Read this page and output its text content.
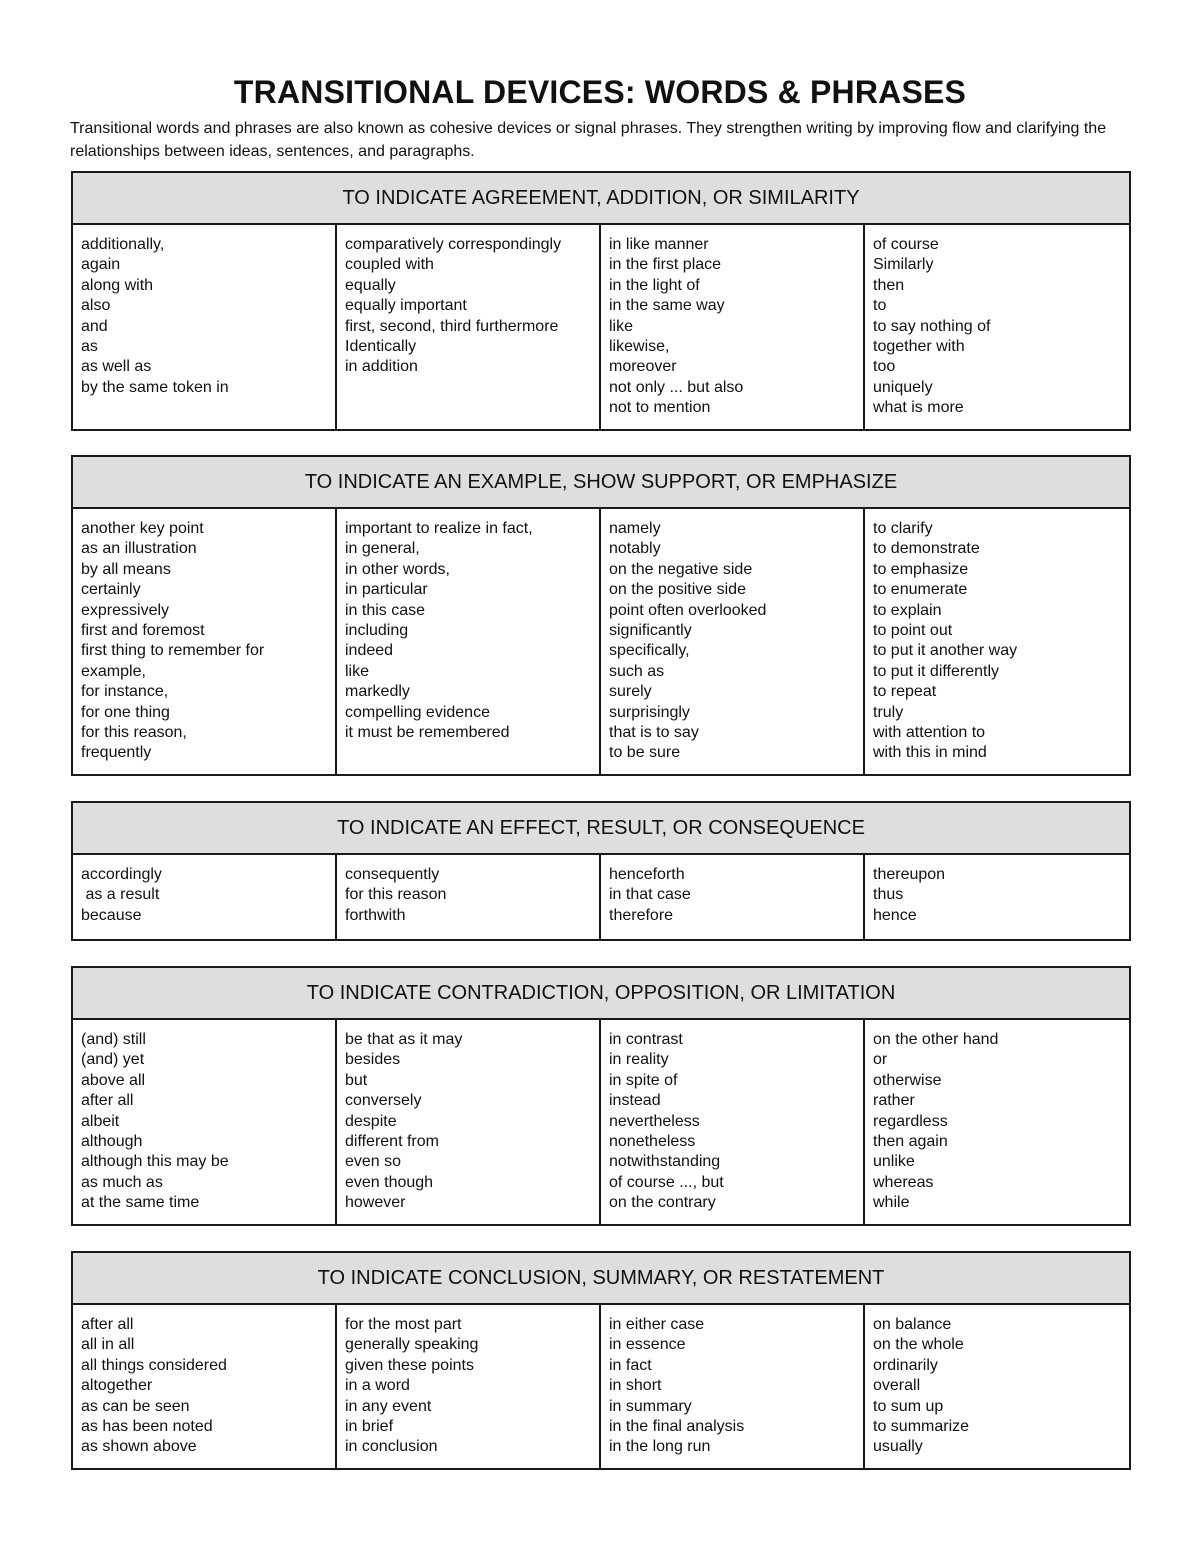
TRANSITIONAL DEVICES: WORDS & PHRASES

Transitional words and phrases are also known as cohesive devices or signal phrases. They strengthen writing by improving flow and clarifying the relationships between ideas, sentences, and paragraphs.

TO INDICATE AGREEMENT, ADDITION, OR SIMILARITY
additionally,
again
along with
also
and
as
as well as
by the same token in
comparatively correspondingly
coupled with
equally
equally important
first, second, third furthermore
Identically
in addition
in like manner
in the first place
in the light of
in the same way
like
likewise,
moreover
not only ... but also
not to mention
of course
Similarly
then
to
to say nothing of
together with
too
uniquely
what is more
TO INDICATE AN EXAMPLE, SHOW SUPPORT, OR EMPHASIZE
another key point
as an illustration
by all means
certainly
expressively
first and foremost
first thing to remember for example,
for instance,
for one thing
for this reason,
frequently
important to realize in fact,
in general,
in other words,
in particular
in this case
including
indeed
like
markedly
compelling evidence
it must be remembered
namely
notably
on the negative side
on the positive side
point often overlooked
significantly
specifically,
such as
surely
surprisingly
that is to say
to be sure
to clarify
to demonstrate
to emphasize
to enumerate
to explain
to point out
to put it another way
to put it differently
to repeat
truly
with attention to
with this in mind
TO INDICATE AN EFFECT, RESULT, OR CONSEQUENCE
accordingly
as a result
because
consequently
for this reason
forthwith
henceforth
in that case
therefore
thereupon
thus
hence
TO INDICATE CONTRADICTION, OPPOSITION, OR LIMITATION
(and) still
(and) yet
above all
after all
albeit
although
although this may be
as much as
at the same time
be that as it may
besides
but
conversely
despite
different from
even so
even though
however
in contrast
in reality
in spite of
instead
nevertheless
nonetheless
notwithstanding
of course ..., but
on the contrary
on the other hand
or
otherwise
rather
regardless
then again
unlike
whereas
while
TO INDICATE CONCLUSION, SUMMARY, OR RESTATEMENT
after all
all in all
all things considered
altogether
as can be seen
as has been noted
as shown above
for the most part
generally speaking
given these points
in a word
in any event
in brief
in conclusion
in either case
in essence
in fact
in short
in summary
in the final analysis
in the long run
on balance
on the whole
ordinarily
overall
to sum up
to summarize
usually
